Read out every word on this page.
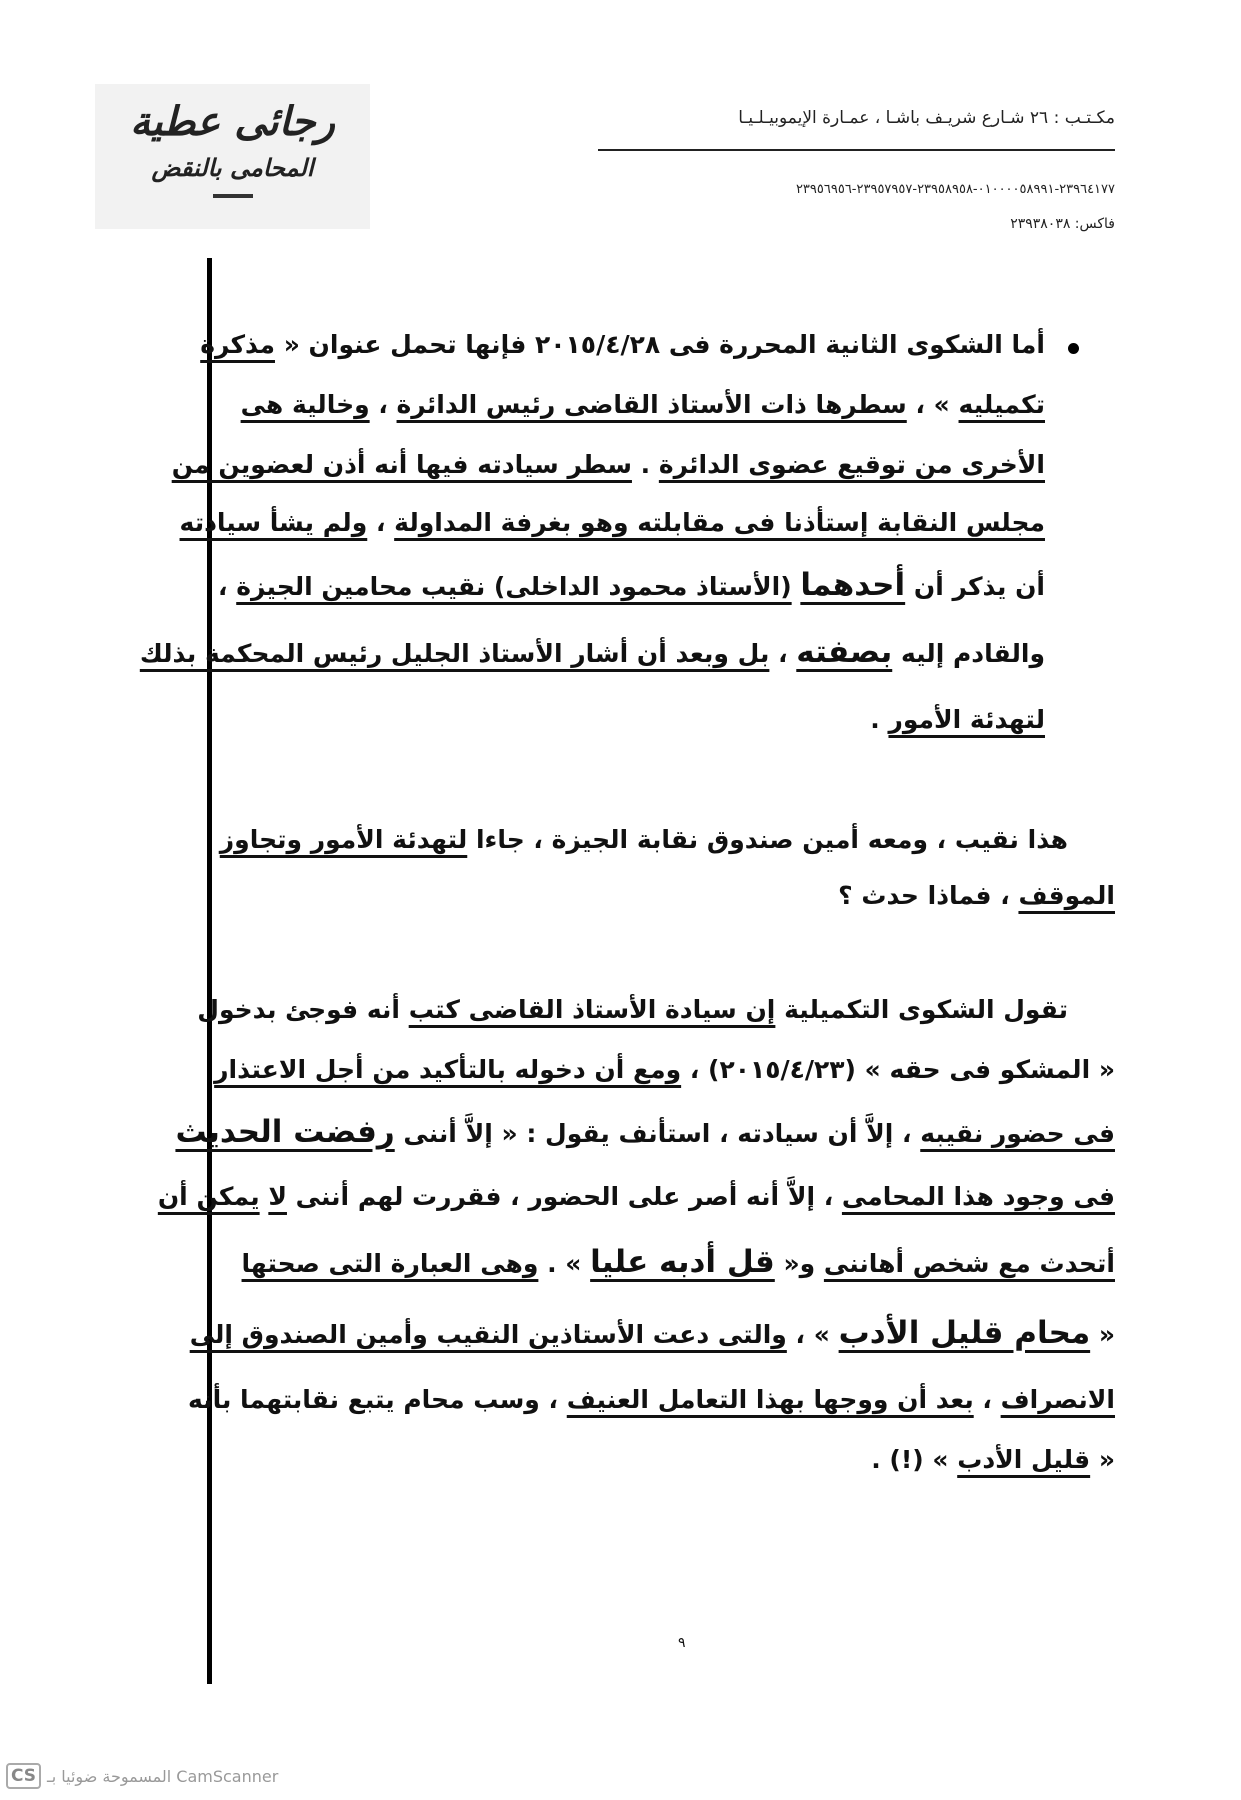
رجائى عطية
المحامى بالنقض
مكـتـب : ٢٦ شـارع شريـف باشـا ، عمـارة الإيموبيـلـيـا
٢٣٩٦٤١٧٧-٠١٠٠٠٠٥٨٩٩١-٢٣٩٥٨٩٥٨-٢٣٩٥٧٩٥٧-٢٣٩٥٦٩٥٦
فاكس: ٢٣٩٣٨٠٣٨
أما الشكوى الثانية المحررة فى ٢٠١٥/٤/٢٨ فإنها تحمل عنوان « مذكرة
تكميليه » ، سطرها ذات الأستاذ القاضى رئيس الدائرة ، وخالية هى
الأخرى من توقيع عضوى الدائرة . سطر سيادته فيها أنه أذن لعضوين من
مجلس النقابة إستأذنا فى مقابلته وهو بغرفة المداولة ، ولم يشأ سيادته
أن يذكر أن أحدهما (الأستاذ محمود الداخلى) نقيب محامين الجيزة ،
والقادم إليه بصفته ، بل وبعد أن أشار الأستاذ الجليل رئيس المحكمة بذلك
لتهدئة الأمور .
هذا نقيب ، ومعه أمين صندوق نقابة الجيزة ، جاءا لتهدئة الأمور وتجاوز
الموقف ، فماذا حدث ؟
تقول الشكوى التكميلية إن سيادة الأستاذ القاضى كتب أنه فوجئ بدخول
« المشكو فى حقه » (٢٠١٥/٤/٢٣) ، ومع أن دخوله بالتأكيد من أجل الاعتذار
فى حضور نقيبه ، إلاَّ أن سيادته ، استأنف يقول : « إلاَّ أننى رفضت الحديث
فى وجود هذا المحامى ، إلاَّ أنه أصر على الحضور ، فقررت لهم أننى لا يمكن أن
أتحدث مع شخص أهاننى و« قل أدبه عليا » . وهى العبارة التى صحتها
« محام قليل الأدب » ، والتى دعت الأستاذين النقيب وأمين الصندوق إلى
الانصراف ، بعد أن ووجها بهذا التعامل العنيف ، وسب محام يتبع نقابتهما بأنه
« قليل الأدب » (!) .
٩
CS المسموحة ضوئيا بـ CamScanner
